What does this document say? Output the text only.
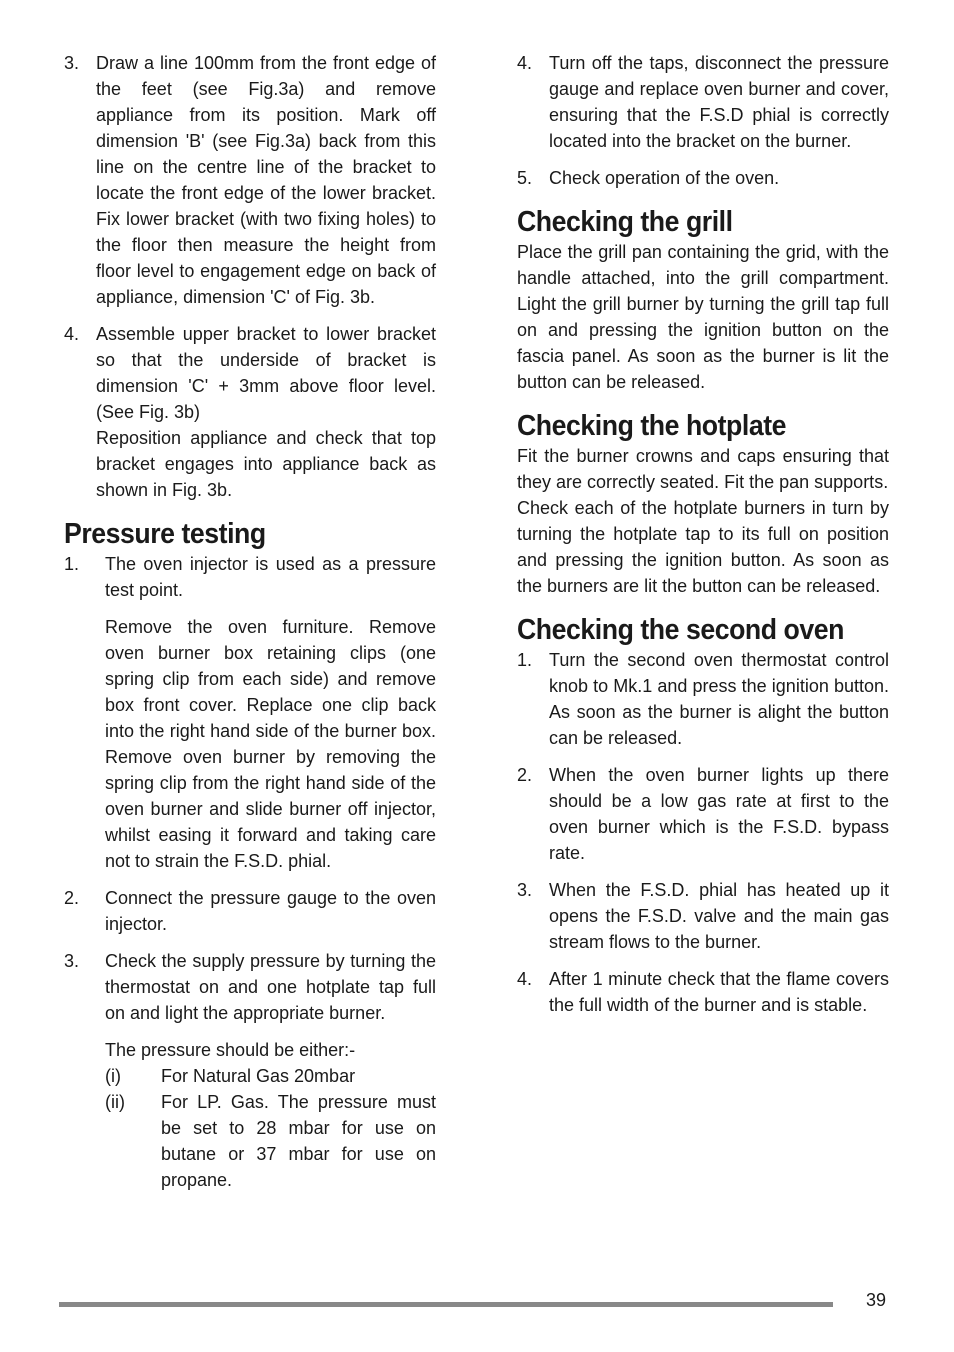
3. Draw a line 100mm from the front edge of the feet (see Fig.3a) and remove appliance from its position. Mark off dimension 'B' (see Fig.3a) back from this line on the centre line of the bracket to locate the front edge of the lower bracket. Fix lower bracket (with two fixing holes) to the floor then measure the height from floor level to engagement edge on back of appliance, dimension 'C' of Fig. 3b.
4. Assemble upper bracket to lower bracket so that the underside of bracket is dimension 'C' + 3mm above floor level. (See Fig. 3b)
Reposition appliance and check that top bracket engages into appliance back as shown in Fig. 3b.
Pressure testing
1.	The oven injector is used as a pressure test point.
Remove the oven furniture. Remove oven burner box retaining clips (one spring clip from each side) and remove box front cover. Replace one clip back into the right hand side of the burner box. Remove oven burner by removing the spring clip from the right hand side of the oven burner and slide burner off injector, whilst easing it forward and taking care not to strain the F.S.D. phial.
2.	Connect the pressure gauge to the oven injector.
3.	Check the supply pressure by turning the thermostat on and one hotplate tap full on and light the appropriate burner.
The pressure should be either:-
(i)	For Natural Gas 20mbar
(ii)	For LP. Gas. The pressure must be set to 28 mbar for use on butane or 37 mbar for use on propane.
4. Turn off the taps, disconnect the pressure gauge and replace oven burner and cover, ensuring that the F.S.D phial is correctly located into the bracket on the burner.
5. Check operation of the oven.
Checking the grill

Place the grill pan containing the grid, with the handle attached, into the grill compartment. Light the grill burner by turning the grill tap full on and pressing the ignition button on the fascia panel. As soon as the burner is lit the button can be released.

Checking the hotplate

Fit the burner crowns and caps ensuring that they are correctly seated. Fit the pan supports.

Check each of the hotplate burners in turn by turning the hotplate tap to its full on position and pressing the ignition button. As soon as the burners are lit the button can be released.

Checking the second oven
1. Turn the second oven thermostat control knob to Mk.1 and press the ignition button. As soon as the burner is alight the button can be released.
2. When the oven burner lights up there should be a low gas rate at first to the oven burner which is the F.S.D. bypass rate.
3. When the F.S.D. phial has heated up it opens the F.S.D. valve and the main gas stream flows to the burner.
4. After 1 minute check that the flame covers the full width of the burner and is stable.
39
